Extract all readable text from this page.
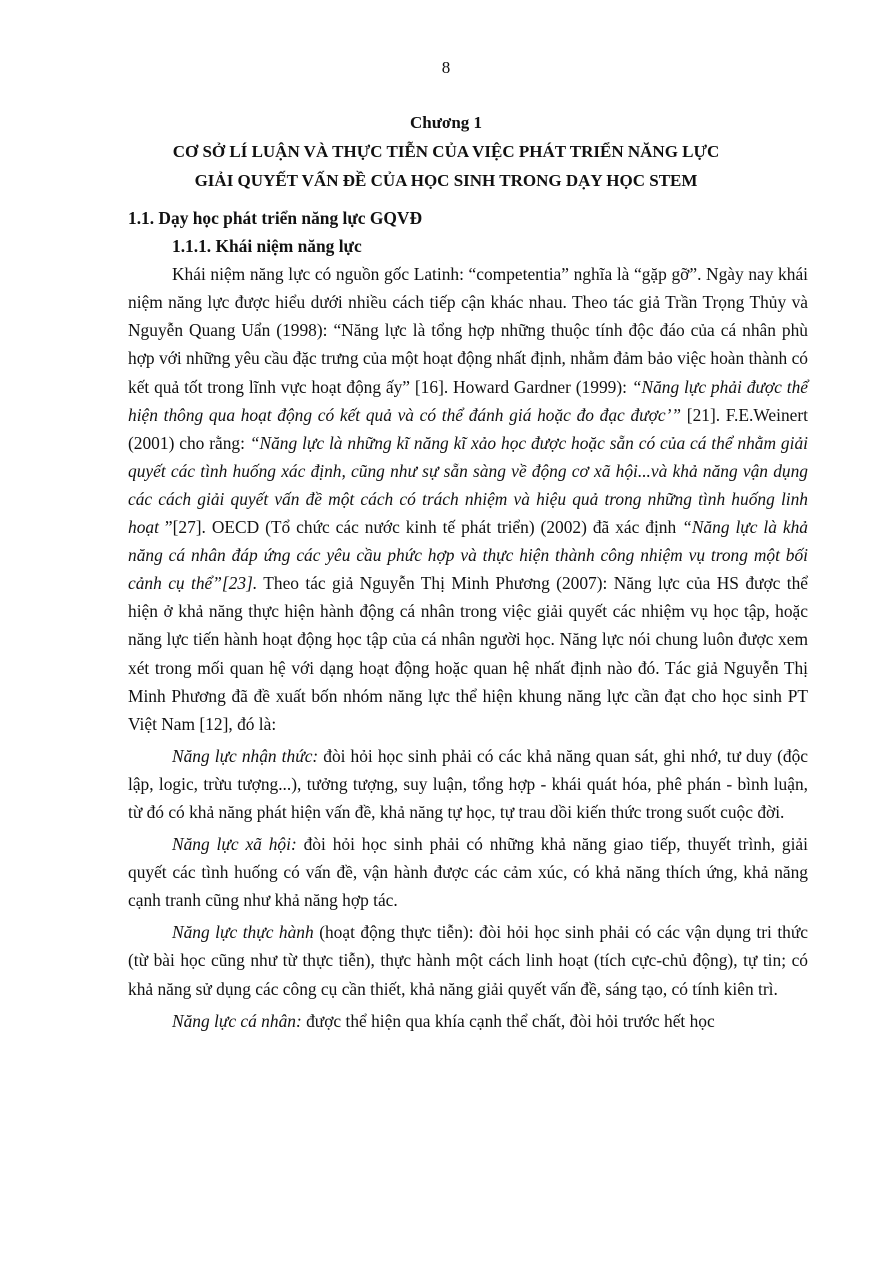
8
Chương 1
CƠ SỞ LÍ LUẬN VÀ THỰC TIỄN CỦA VIỆC PHÁT TRIỂN NĂNG LỰC
GIẢI QUYẾT VẤN ĐỀ CỦA HỌC SINH TRONG DẠY HỌC STEM
1.1. Dạy học phát triển năng lực GQVĐ
1.1.1. Khái niệm năng lực

Khái niệm năng lực có nguồn gốc Latinh: “competentia” nghĩa là “gặp gỡ”. Ngày nay khái niệm năng lực được hiểu dưới nhiều cách tiếp cận khác nhau. Theo tác giả Trần Trọng Thủy và Nguyễn Quang Uẩn (1998): “Năng lực là tổng hợp những thuộc tính độc đáo của cá nhân phù hợp với những yêu cầu đặc trưng của một hoạt động nhất định, nhằm đảm bảo việc hoàn thành có kết quả tốt trong lĩnh vực hoạt động ấy” [16]. Howard Gardner (1999): “Năng lực phải được thể hiện thông qua hoạt động có kết quả và có thể đánh giá hoặc đo đạc được’” [21]. F.E.Weinert (2001) cho rằng: “Năng lực là những kĩ năng kĩ xảo học được hoặc sẵn có của cá thể nhằm giải quyết các tình huống xác định, cũng như sự sẵn sàng về động cơ xã hội...và khả năng vận dụng các cách giải quyết vấn đề một cách có trách nhiệm và hiệu quả trong những tình huống linh hoạt ”[27]. OECD (Tổ chức các nước kinh tế phát triển) (2002) đã xác định “Năng lực là khả năng cá nhân đáp ứng các yêu cầu phức hợp và thực hiện thành công nhiệm vụ trong một bối cảnh cụ thể”[23]. Theo tác giả Nguyễn Thị Minh Phương (2007): Năng lực của HS được thể hiện ở khả năng thực hiện hành động cá nhân trong việc giải quyết các nhiệm vụ học tập, hoặc năng lực tiến hành hoạt động học tập của cá nhân người học. Năng lực nói chung luôn được xem xét trong mối quan hệ với dạng hoạt động hoặc quan hệ nhất định nào đó. Tác giả Nguyễn Thị Minh Phương đã đề xuất bốn nhóm năng lực thể hiện khung năng lực cần đạt cho học sinh PT Việt Nam [12], đó là:

Năng lực nhận thức: đòi hỏi học sinh phải có các khả năng quan sát, ghi nhớ, tư duy (độc lập, logic, trừu tượng...), tưởng tượng, suy luận, tổng hợp - khái quát hóa, phê phán - bình luận, từ đó có khả năng phát hiện vấn đề, khả năng tự học, tự trau dồi kiến thức trong suốt cuộc đời.

Năng lực xã hội: đòi hỏi học sinh phải có những khả năng giao tiếp, thuyết trình, giải quyết các tình huống có vấn đề, vận hành được các cảm xúc, có khả năng thích ứng, khả năng cạnh tranh cũng như khả năng hợp tác.

Năng lực thực hành (hoạt động thực tiễn): đòi hỏi học sinh phải có các vận dụng tri thức (từ bài học cũng như từ thực tiễn), thực hành một cách linh hoạt (tích cực-chủ động), tự tin; có khả năng sử dụng các công cụ cần thiết, khả năng giải quyết vấn đề, sáng tạo, có tính kiên trì.

Năng lực cá nhân: được thể hiện qua khía cạnh thể chất, đòi hỏi trước hết học
